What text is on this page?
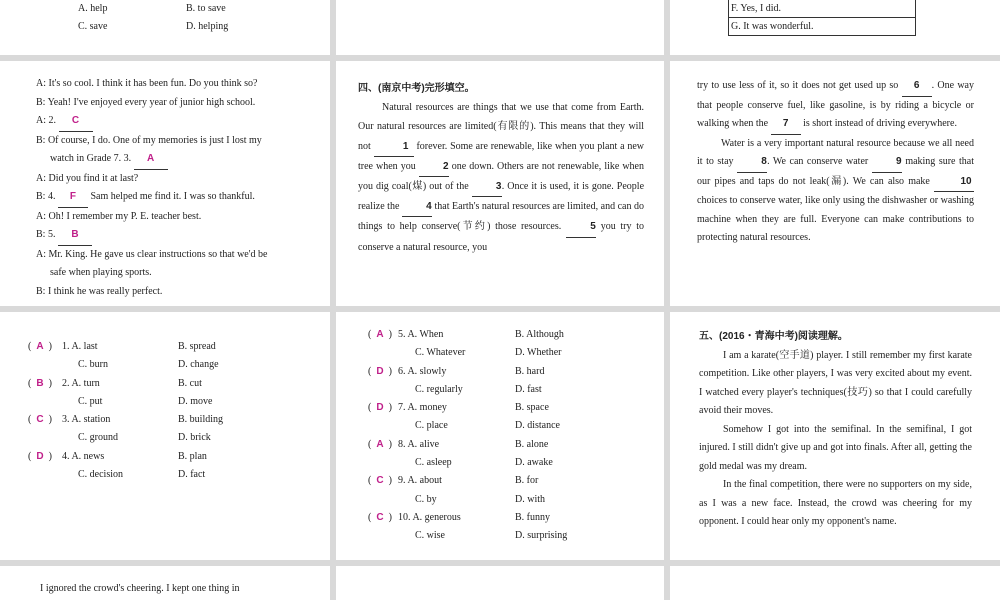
A. help	B. to save
C. save	D. helping
F. Yes, I did.
G. It was wonderful.
A: It's so cool. I think it has been fun. Do you think so?
B: Yeah! I've enjoyed every year of junior high school.
A: 2. C
B: Of course, I do. One of my memories is just I lost my
watch in Grade 7. 3. A
A: Did you find it at last?
B: 4. F Sam helped me find it. I was so thankful.
A: Oh! I remember my P. E. teacher best.
B: 5. B
A: Mr. King. He gave us clear instructions so that we'd be
safe when playing sports.
B: I think he was really perfect.
四、(南京中考)完形填空。

Natural resources are things that we use that come from Earth. Our natural resources are limited(有限的). This means that they will not	1 forever. Some are renewable, like when you plant a new tree when you	2 one down. Others are not renewable, like when you dig coal(煤) out of the	3. Once it is used, it is gone. People realize the	4 that Earth's natural resources are limited, and can do things to help conserve(节约) those resources.	5 you try to conserve a natural resource, you

try to use less of it, so it does not get used up so 6 . One way that people conserve fuel, like gasoline, is by riding a bicycle or walking when the 7 is short instead of driving everywhere.

Water is a very important natural resource because we all need it to stay	8. We can conserve water	9 making sure that our pipes and taps do not leak(漏). We can also make	10 choices to conserve water, like only using the dishwasher or washing machine when they are full. Everyone can make contributions to protecting natural resources.

(  A  ) 1. A. last	B. spread
C. burn	D. change
(  B  ) 2. A. turn	B. cut
C. put	D. move
(  C  ) 3. A. station	B. building
C. ground	D. brick
(  D  ) 4. A. news	B. plan
C. decision	D. fact
(  A  ) 5. A. When	B. Although
C. Whatever	D. Whether
(  D  ) 6. A. slowly	B. hard
C. regularly	D. fast
(  D  ) 7. A. money	B. space
C. place	D. distance
(  A  ) 8. A. alive	B. alone
C. asleep	D. awake
(  C  ) 9. A. about	B. for
C. by	D. with
(  C  ) 10. A. generous	B. funny
C. wise	D. surprising
五、(2016・青海中考)阅读理解。

I am a karate(空手道) player. I still remember my first karate competition. Like other players, I was very excited about my event. I watched every player's techniques(技巧) so that I could carefully avoid their moves.

Somehow I got into the semifinal. In the semifinal, I got injured. I still didn't give up and got into finals. After all, getting the gold medal was my dream.

In the final competition, there were no supporters on my side, as I was a new face. Instead, the crowd was cheering for my opponent. I could hear only my opponent's name.

I ignored the crowd's cheering. I kept one thing in
